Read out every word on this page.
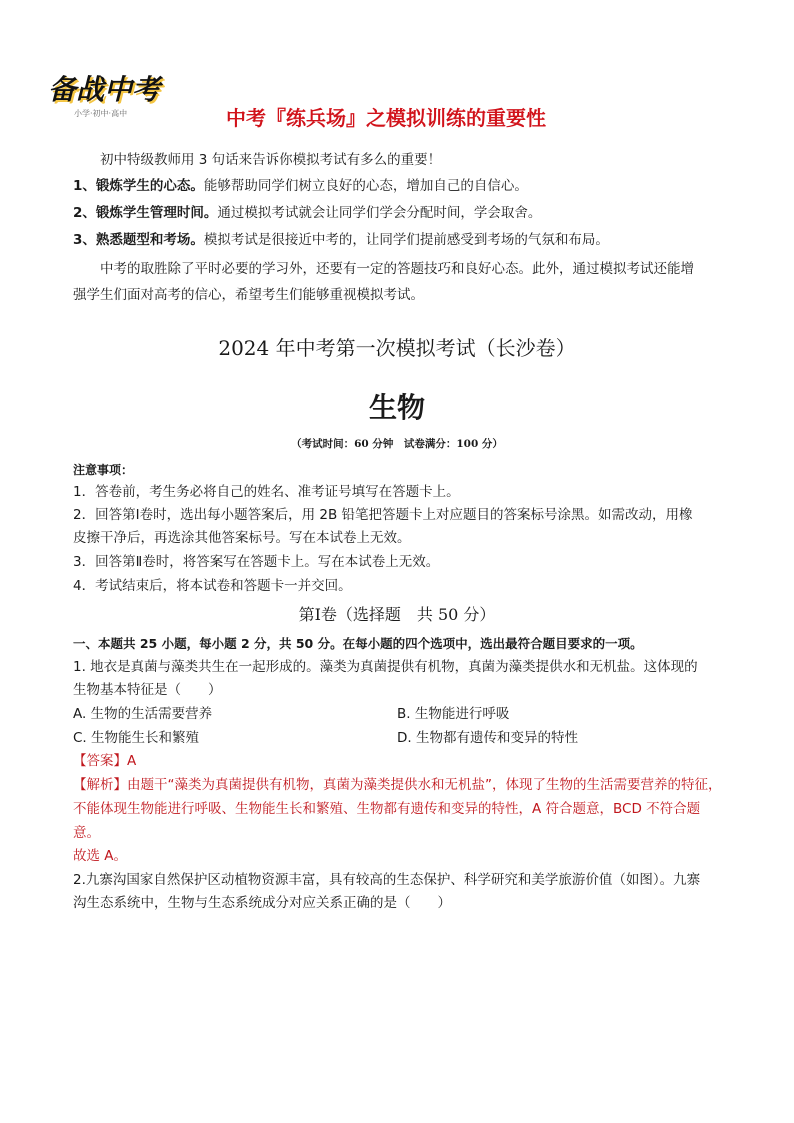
备战中考
小学·初中·高中	中考『练兵场』之模拟训练的重要性
初中特级教师用 3 句话来告诉你模拟考试有多么的重要！
1、锻炼学生的心态。能够帮助同学们树立良好的心态，增加自己的自信心。
2、锻炼学生管理时间。通过模拟考试就会让同学们学会分配时间，学会取舍。
3、熟悉题型和考场。模拟考试是很接近中考的，让同学们提前感受到考场的气氛和布局。
中考的取胜除了平时必要的学习外，还要有一定的答题技巧和良好心态。此外，通过模拟考试还能增
强学生们面对高考的信心，希望考生们能够重视模拟考试。
2024 年中考第一次模拟考试（长沙卷）
生物
（考试时间：60 分钟　试卷满分：100 分）
注意事项：
1．答卷前，考生务必将自己的姓名、准考证号填写在答题卡上。
2．回答第Ⅰ卷时，选出每小题答案后，用 2B 铅笔把答题卡上对应题目的答案标号涂黑。如需改动，用橡
皮擦干净后，再选涂其他答案标号。写在本试卷上无效。
3．回答第Ⅱ卷时，将答案写在答题卡上。写在本试卷上无效。
4．考试结束后，将本试卷和答题卡一并交回。
第Ⅰ卷（选择题　共 50 分）
一、本题共 25 小题，每小题 2 分，共 50 分。在每小题的四个选项中，选出最符合题目要求的一项。
1. 地衣是真菌与藻类共生在一起形成的。藻类为真菌提供有机物，真菌为藻类提供水和无机盐。这体现的
生物基本特征是（　　）
A. 生物的生活需要营养	B. 生物能进行呼吸
C. 生物能生长和繁殖	D. 生物都有遗传和变异的特性
【答案】A
【解析】由题干“藻类为真菌提供有机物，真菌为藻类提供水和无机盐”，体现了生物的生活需要营养的特征，
不能体现生物能进行呼吸、生物能生长和繁殖、生物都有遗传和变异的特性，A 符合题意，BCD 不符合题
意。
故选 A。
2.九寨沟国家自然保护区动植物资源丰富，具有较高的生态保护、科学研究和美学旅游价值（如图）。九寨
沟生态系统中，生物与生态系统成分对应关系正确的是（　　）
